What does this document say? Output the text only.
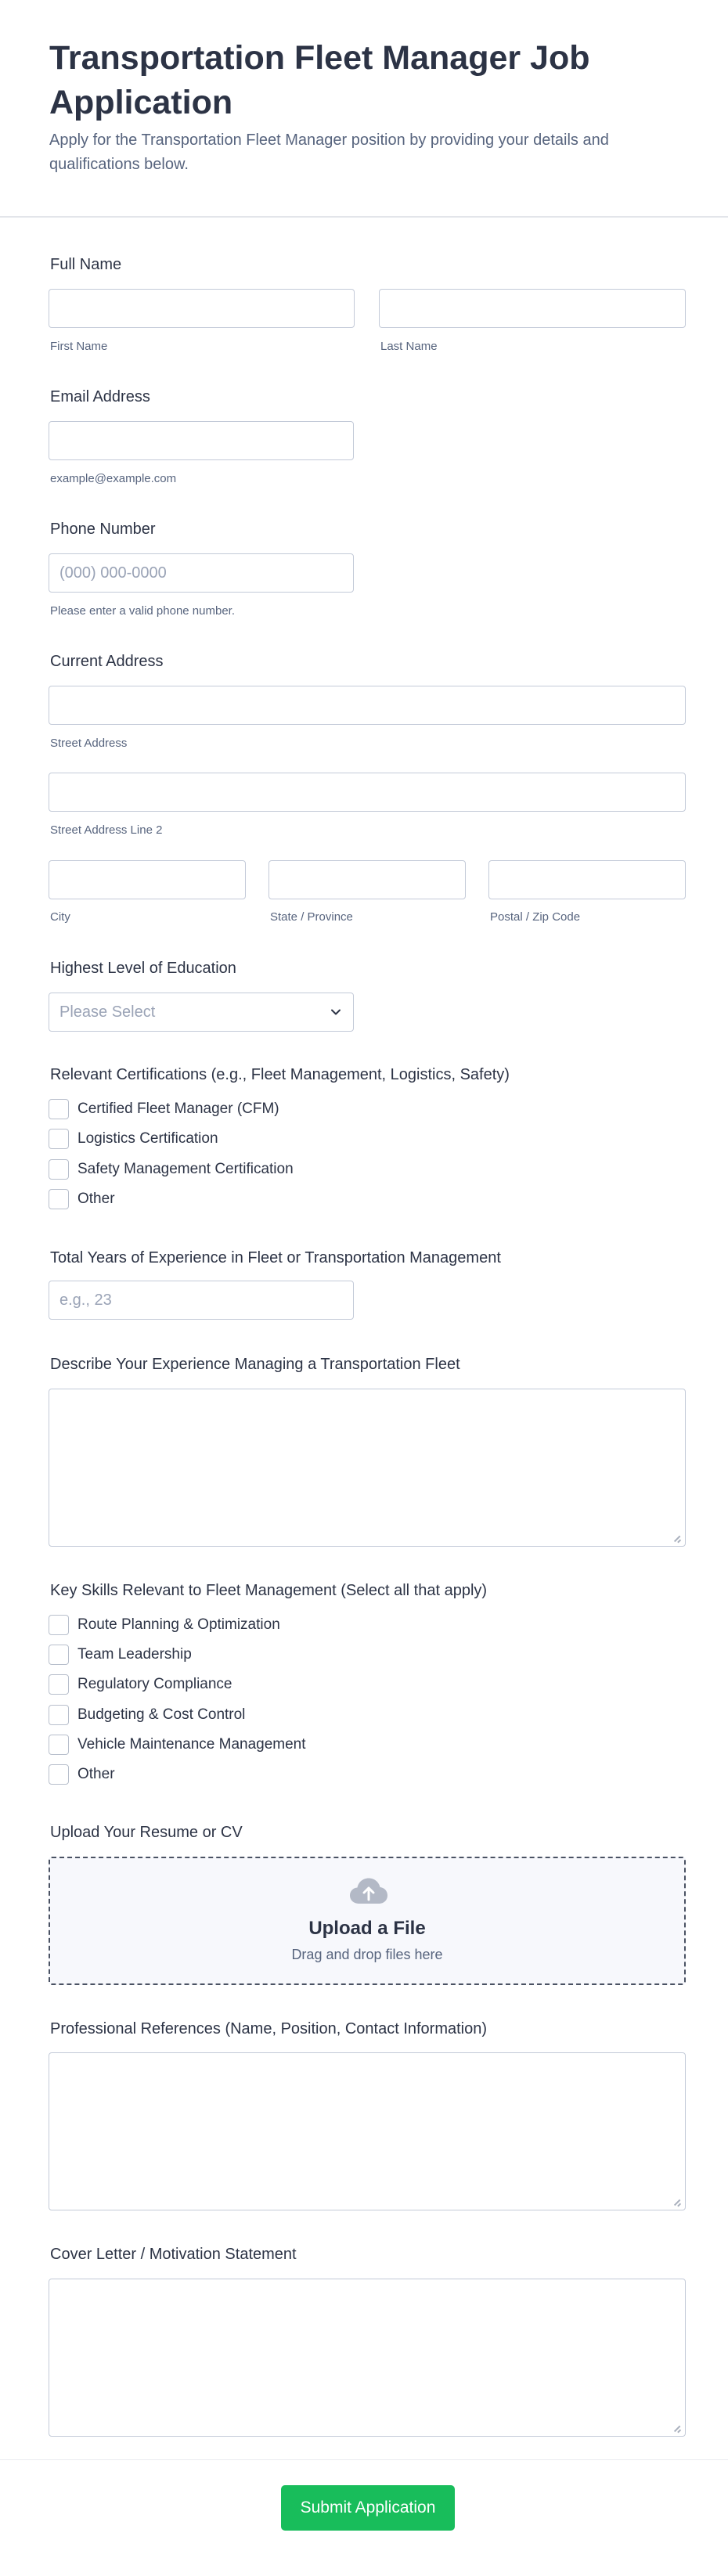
Transportation Fleet Manager Job Application

Apply for the Transportation Fleet Manager position by providing your details and qualifications below.

Full Name
First Name	Last Name
Email Address
example@example.com
Phone Number
(000) 000-0000
Please enter a valid phone number.
Current Address
Street Address
Street Address Line 2
City	State / Province	Postal / Zip Code
Highest Level of Education
Please Select
Relevant Certifications (e.g., Fleet Management, Logistics, Safety)
Certified Fleet Manager (CFM)
Logistics Certification
Safety Management Certification
Other
Total Years of Experience in Fleet or Transportation Management
e.g., 23
Describe Your Experience Managing a Transportation Fleet
Key Skills Relevant to Fleet Management (Select all that apply)
Route Planning & Optimization
Team Leadership
Regulatory Compliance
Budgeting & Cost Control
Vehicle Maintenance Management
Other
Upload Your Resume or CV
Upload a File
Drag and drop files here
Professional References (Name, Position, Contact Information)
Cover Letter / Motivation Statement
Submit Application
